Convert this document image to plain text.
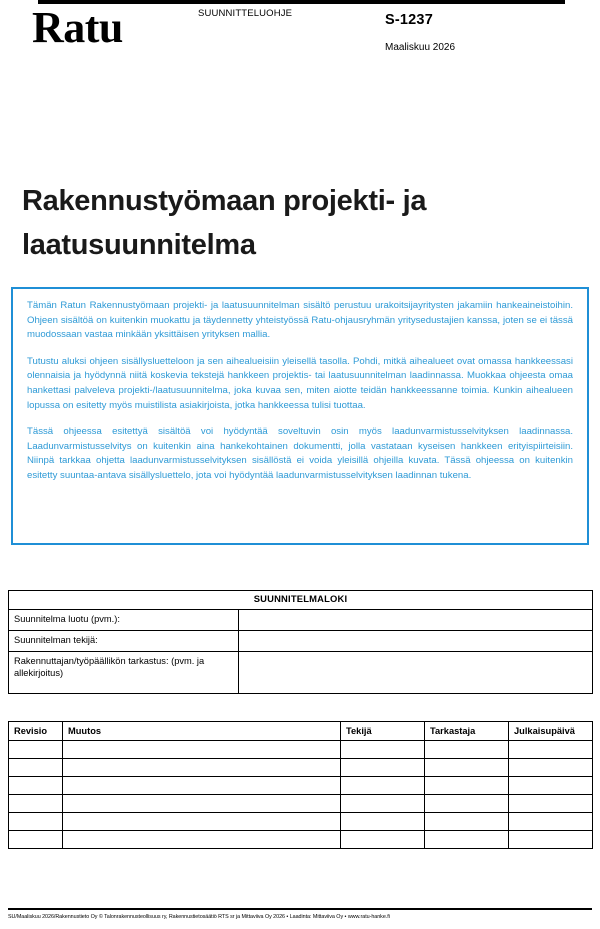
Ratu	SUUNNITTELUOHJE	S-1237
Maaliskuu 2026
Rakennustyömaan projekti- ja laatusuunnitelma

Tämän Ratun Rakennustyömaan projekti- ja laatusuunnitelman sisältö perustuu urakoitsijayritysten jakamiin hankeaineistoihin. Ohjeen sisältöä on kuitenkin muokattu ja täydennetty yhteistyössä Ratu-ohjausryhmän yritysedustajien kanssa, joten se ei tässä muodossaan vastaa minkään yksittäisen yrityksen mallia.

Tutustu aluksi ohjeen sisällysluetteloon ja sen aihealueisiin yleisellä tasolla. Pohdi, mitkä aihealueet ovat omassa hankkeessasi olennaisia ja hyödynnä niitä koskevia tekstejä hankkeen projektis- tai laatusuunnitelman laadinnassa. Muokkaa ohjeesta omaa hankettasi palveleva projekti-/laatusuunnitelma, joka kuvaa sen, miten aiotte teidän hankkeessanne toimia. Kunkin aihealueen lopussa on esitetty myös muistilista asiakirjoista, jotka hankkeessa tulisi tuottaa.

Tässä ohjeessa esitettyä sisältöä voi hyödyntää soveltuvin osin myös laadunvarmistusselvityksen laadinnassa. Laadunvarmistusselvitys on kuitenkin aina hankekohtainen dokumentti, jolla vastataan kyseisen hankkeen erityispiirteisiin. Niinpä tarkkaa ohjetta laadunvarmistusselvityksen sisällöstä ei voida yleisillä ohjeilla kuvata. Tässä ohjeessa on kuitenkin esitetty suuntaa-antava sisällysluettelo, jota voi hyödyntää laadunvarmistusselvityksen laadinnan tukena.

SUUNNITELMALOKI	
Suunnitelma luotu (pvm.):	
Suunnitelman tekijä:	
Rakennuttajan/työpäällikön tarkastus: (pvm. ja allekirjoitus)	
Revisio	Muutos	Tekijä	Tarkastaja	Julkaisupäivä

SU/Maaliskuu 2026/Rakennustieto Oy © Talonrakennusteollisuus ry, Rakennustietosäätiö RTS sr ja Mittaviiva Oy 2026 • Laadinta: Mittaviiva Oy • www.ratu-hanke.fi
